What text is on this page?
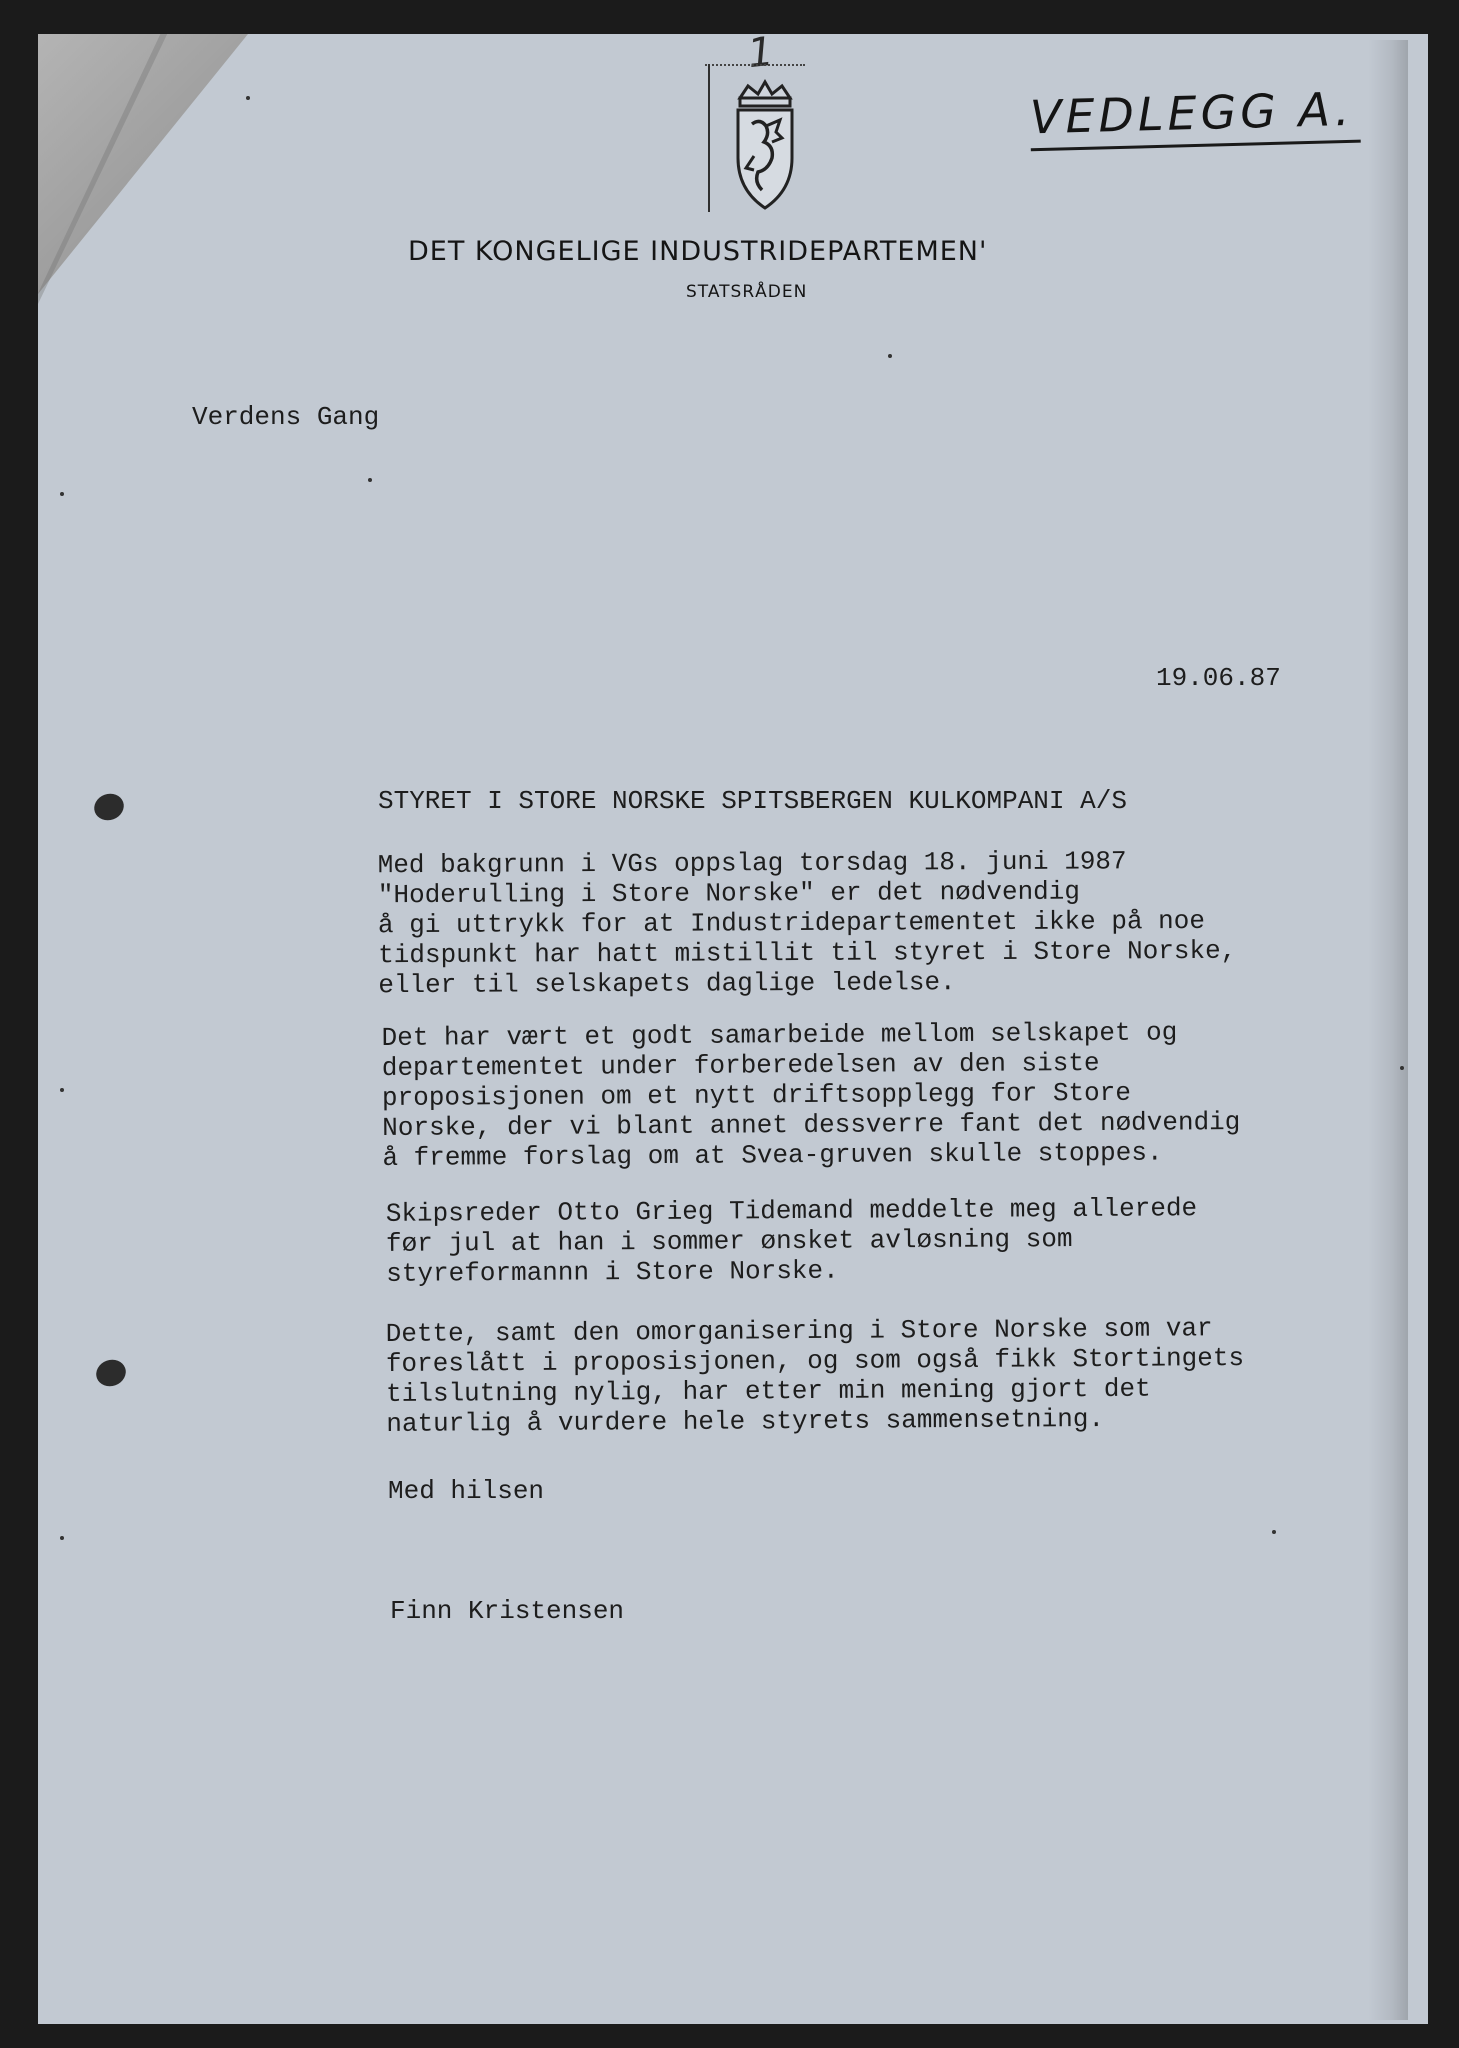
1
DET KONGELIGE INDUSTRIDEPARTEMEN'
STATSRÅDEN
VEDLEGG A.

Verdens Gang

19.06.87

STYRET I STORE NORSKE SPITSBERGEN KULKOMPANI A/S

Med bakgrunn i VGs oppslag torsdag 18. juni 1987
"Hoderulling i Store Norske" er det nødvendig
å gi uttrykk for at Industridepartementet ikke på noe
tidspunkt har hatt mistillit til styret i Store Norske,
eller til selskapets daglige ledelse.

Det har vært et godt samarbeide mellom selskapet og
departementet under forberedelsen av den siste
proposisjonen om et nytt driftsopplegg for Store
Norske, der vi blant annet dessverre fant det nødvendig
å fremme forslag om at Svea-gruven skulle stoppes.

Skipsreder Otto Grieg Tidemand meddelte meg allerede
før jul at han i sommer ønsket avløsning som
styreformannn i Store Norske.

Dette, samt den omorganisering i Store Norske som var
foreslått i proposisjonen, og som også fikk Stortingets
tilslutning nylig, har etter min mening gjort det
naturlig å vurdere hele styrets sammensetning.

Med hilsen

Finn Kristensen
